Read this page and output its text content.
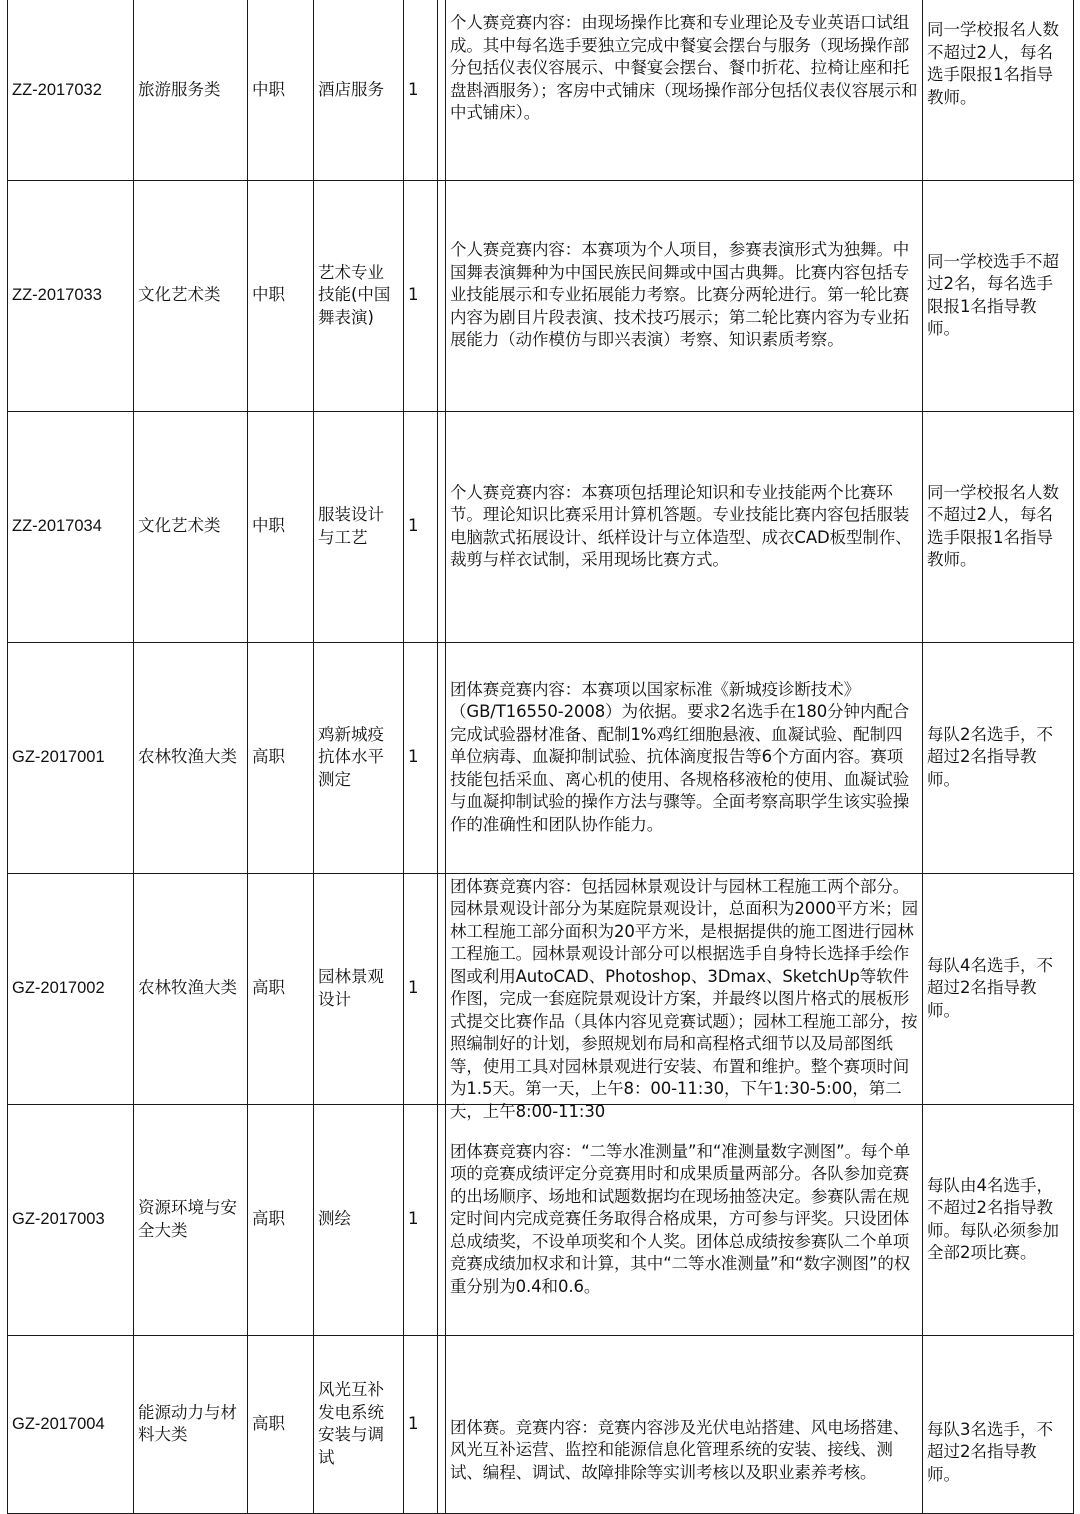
ZZ-2017032	旅游服务类	中职	酒店服务	1		个人赛竞赛内容：由现场操作比赛和专业理论及专业英语口试组成。其中每名选手要独立完成中餐宴会摆台与服务（现场操作部分包括仪表仪容展示、中餐宴会摆台、餐巾折花、拉椅让座和托盘斟酒服务）；客房中式铺床（现场操作部分包括仪表仪容展示和中式铺床）。	同一学校报名人数不超过2人，每名选手限报1名指导教师。
ZZ-2017033	文化艺术类	中职	艺术专业技能(中国舞表演)	1		个人赛竞赛内容：本赛项为个人项目，参赛表演形式为独舞。中国舞表演舞种为中国民族民间舞或中国古典舞。比赛内容包括专业技能展示和专业拓展能力考察。比赛分两轮进行。第一轮比赛内容为剧目片段表演、技术技巧展示；第二轮比赛内容为专业拓展能力（动作模仿与即兴表演）考察、知识素质考察。	同一学校选手不超过2名，每名选手限报1名指导教师。
ZZ-2017034	文化艺术类	中职	服装设计与工艺	1		个人赛竞赛内容：本赛项包括理论知识和专业技能两个比赛环节。理论知识比赛采用计算机答题。专业技能比赛内容包括服装电脑款式拓展设计、纸样设计与立体造型、成衣CAD板型制作、裁剪与样衣试制，采用现场比赛方式。	同一学校报名人数不超过2人，每名选手限报1名指导教师。
GZ-2017001	农林牧渔大类	高职	鸡新城疫抗体水平测定	1		团体赛竞赛内容：本赛项以国家标准《新城疫诊断技术》（GB/T16550-2008）为依据。要求2名选手在180分钟内配合完成试验器材准备、配制1%鸡红细胞悬液、血凝试验、配制四单位病毒、血凝抑制试验、抗体滴度报告等6个方面内容。赛项技能包括采血、离心机的使用、各规格移液枪的使用、血凝试验与血凝抑制试验的操作方法与骤等。全面考察高职学生该实验操作的准确性和团队协作能力。	每队2名选手，不超过2名指导教师。
GZ-2017002	农林牧渔大类	高职	园林景观设计	1		团体赛竞赛内容：包括园林景观设计与园林工程施工两个部分。园林景观设计部分为某庭院景观设计，总面积为2000平方米；园林工程施工部分面积为20平方米，是根据提供的施工图进行园林工程施工。园林景观设计部分可以根据选手自身特长选择手绘作图或利用AutoCAD、Photoshop、3Dmax、SketchUp等软件作图，完成一套庭院景观设计方案，并最终以图片格式的展板形式提交比赛作品（具体内容见竞赛试题）；园林工程施工部分，按照编制好的计划，参照规划布局和高程格式细节以及局部图纸等，使用工具对园林景观进行安装、布置和维护。整个赛项时间为1.5天。第一天，上午8：00-11:30，下午1:30-5:00，第二天，上午8:00-11:30	每队4名选手，不超过2名指导教师。
GZ-2017003	资源环境与安全大类	高职	测绘	1		团体赛竞赛内容：“二等水准测量”和“准测量数字测图”。每个单项的竞赛成绩评定分竞赛用时和成果质量两部分。各队参加竞赛的出场顺序、场地和试题数据均在现场抽签决定。参赛队需在规定时间内完成竞赛任务取得合格成果，方可参与评奖。只设团体总成绩奖，不设单项奖和个人奖。团体总成绩按参赛队二个单项竞赛成绩加权求和计算，其中“二等水准测量”和“数字测图”的权重分别为0.4和0.6。	每队由4名选手，不超过2名指导教师。每队必须参加全部2项比赛。
GZ-2017004	能源动力与材料大类	高职	风光互补发电系统安装与调试	1		团体赛。竞赛内容：竞赛内容涉及光伏电站搭建、风电场搭建、风光互补运营、监控和能源信息化管理系统的安装、接线、测试、编程、调试、故障排除等实训考核以及职业素养考核。	每队3名选手，不超过2名指导教师。
